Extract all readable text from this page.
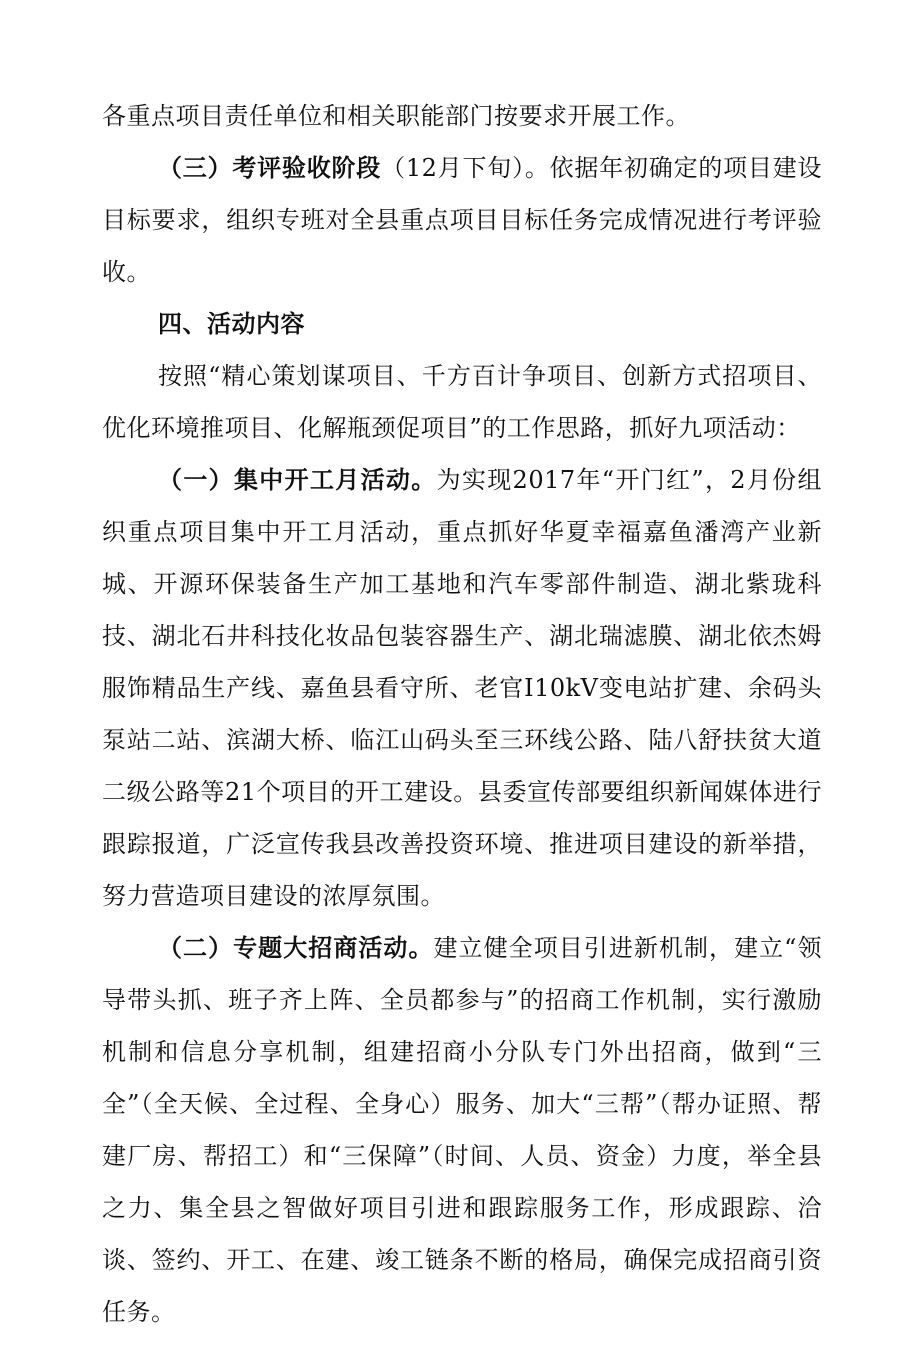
各重点项目责任单位和相关职能部门按要求开展工作。

（三）考评验收阶段（12月下旬）。依据年初确定的项目建设目标要求，组织专班对全县重点项目目标任务完成情况进行考评验收。

四、活动内容

按照“精心策划谋项目、千方百计争项目、创新方式招项目、优化环境推项目、化解瓶颈促项目”的工作思路，抓好九项活动：

（一）集中开工月活动。为实现2017年“开门红”，2月份组织重点项目集中开工月活动，重点抓好华夏幸福嘉鱼潘湾产业新城、开源环保装备生产加工基地和汽车零部件制造、湖北紫珑科技、湖北石井科技化妆品包装容器生产、湖北瑞滤膜、湖北依杰姆服饰精品生产线、嘉鱼县看守所、老官I10kV变电站扩建、余码头泵站二站、滨湖大桥、临江山码头至三环线公路、陆八舒扶贫大道二级公路等21个项目的开工建设。县委宣传部要组织新闻媒体进行跟踪报道，广泛宣传我县改善投资环境、推进项目建设的新举措，努力营造项目建设的浓厚氛围。

（二）专题大招商活动。建立健全项目引进新机制，建立“领导带头抓、班子齐上阵、全员都参与”的招商工作机制，实行激励机制和信息分享机制，组建招商小分队专门外出招商，做到“三全”（全天候、全过程、全身心）服务、加大“三帮”（帮办证照、帮建厂房、帮招工）和“三保障”（时间、人员、资金）力度，举全县之力、集全县之智做好项目引进和跟踪服务工作，形成跟踪、洽谈、签约、开工、在建、竣工链条不断的格局，确保完成招商引资任务。
